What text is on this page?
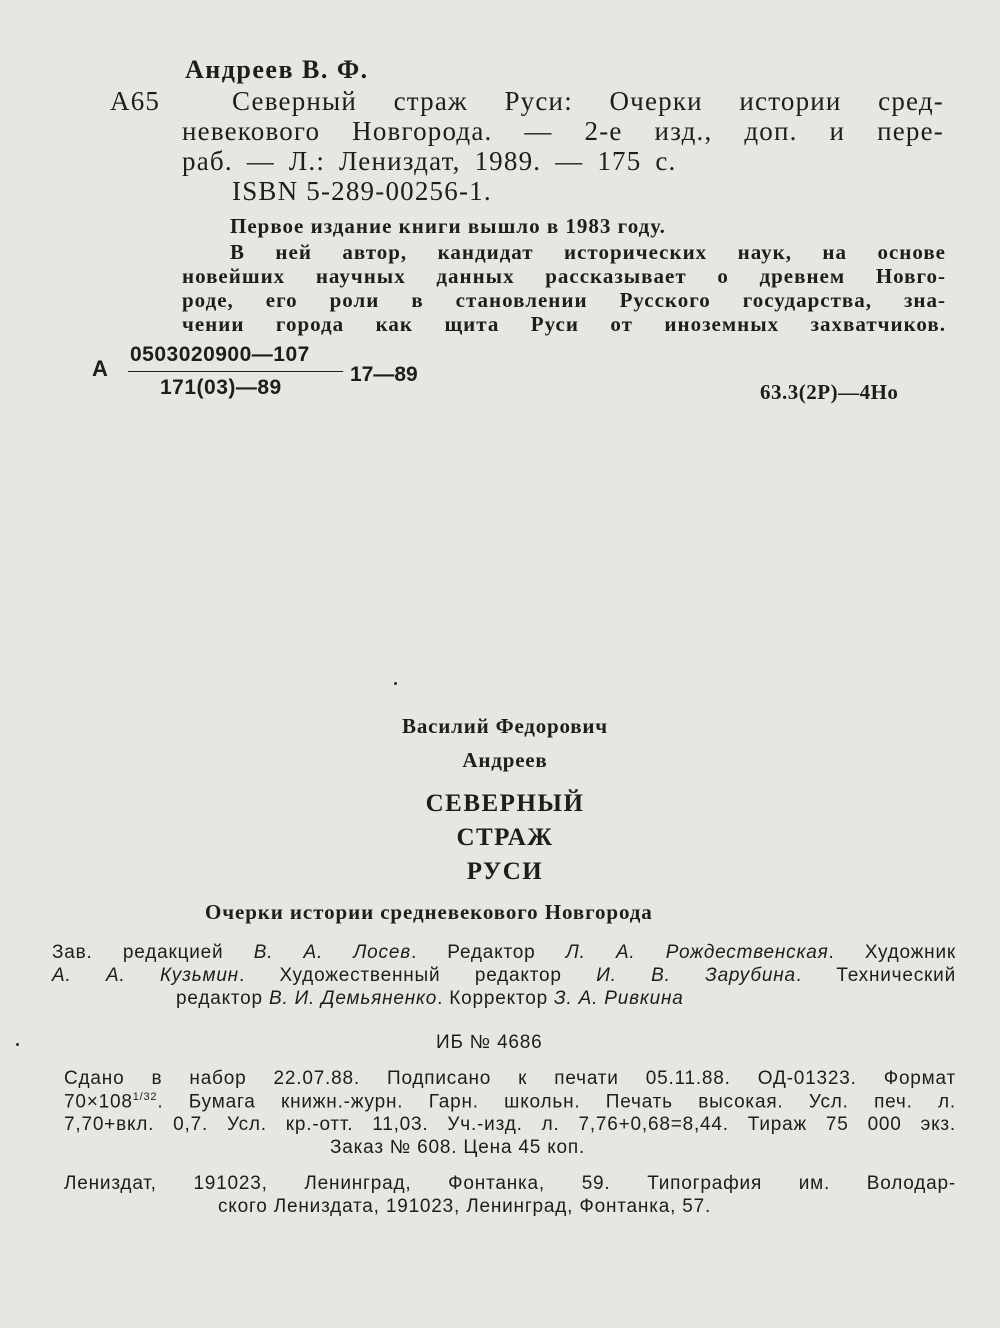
Андреев В. Ф.
А65	Северный страж Руси: Очерки истории сред-
невекового Новгорода. — 2-е изд., доп. и пере-
раб. — Л.: Лениздат, 1989. — 175 с.
ISBN 5-289-00256-1.
Первое издание книги вышло в 1983 году.
В ней автор, кандидат исторических наук, на основе
новейших научных данных рассказывает о древнем Новго-
роде, его роли в становлении Русского государства, зна-
чении города как щита Руси от иноземных захватчиков.
А
0503020900—107
171(03)—89
17—89
63.3(2Р)—4Но
Василий Федорович
Андреев
СЕВЕРНЫЙ
СТРАЖ
РУСИ
Очерки истории средневекового Новгорода
Зав. редакцией В. А. Лосев. Редактор Л. А. Рождественская. Художник
А. А. Кузьмин. Художественный редактор И. В. Зарубина. Технический
редактор В. И. Демьяненко. Корректор З. А. Ривкина
ИБ № 4686
Сдано в набор 22.07.88. Подписано к печати 05.11.88. ОД-01323. Формат
$70\times 108^{1/32}$. Бумага книжн.-журн. Гарн. школьн. Печать высокая. Усл. печ. л.
7,70+вкл. 0,7. Усл. кр.-отт. 11,03. Уч.-изд. л. 7,76+0,68=8,44. Тираж 75 000 экз.
Заказ № 608. Цена 45 коп.
Лениздат, 191023, Ленинград, Фонтанка, 59. Типография им. Володар-
ского Лениздата, 191023, Ленинград, Фонтанка, 57.
